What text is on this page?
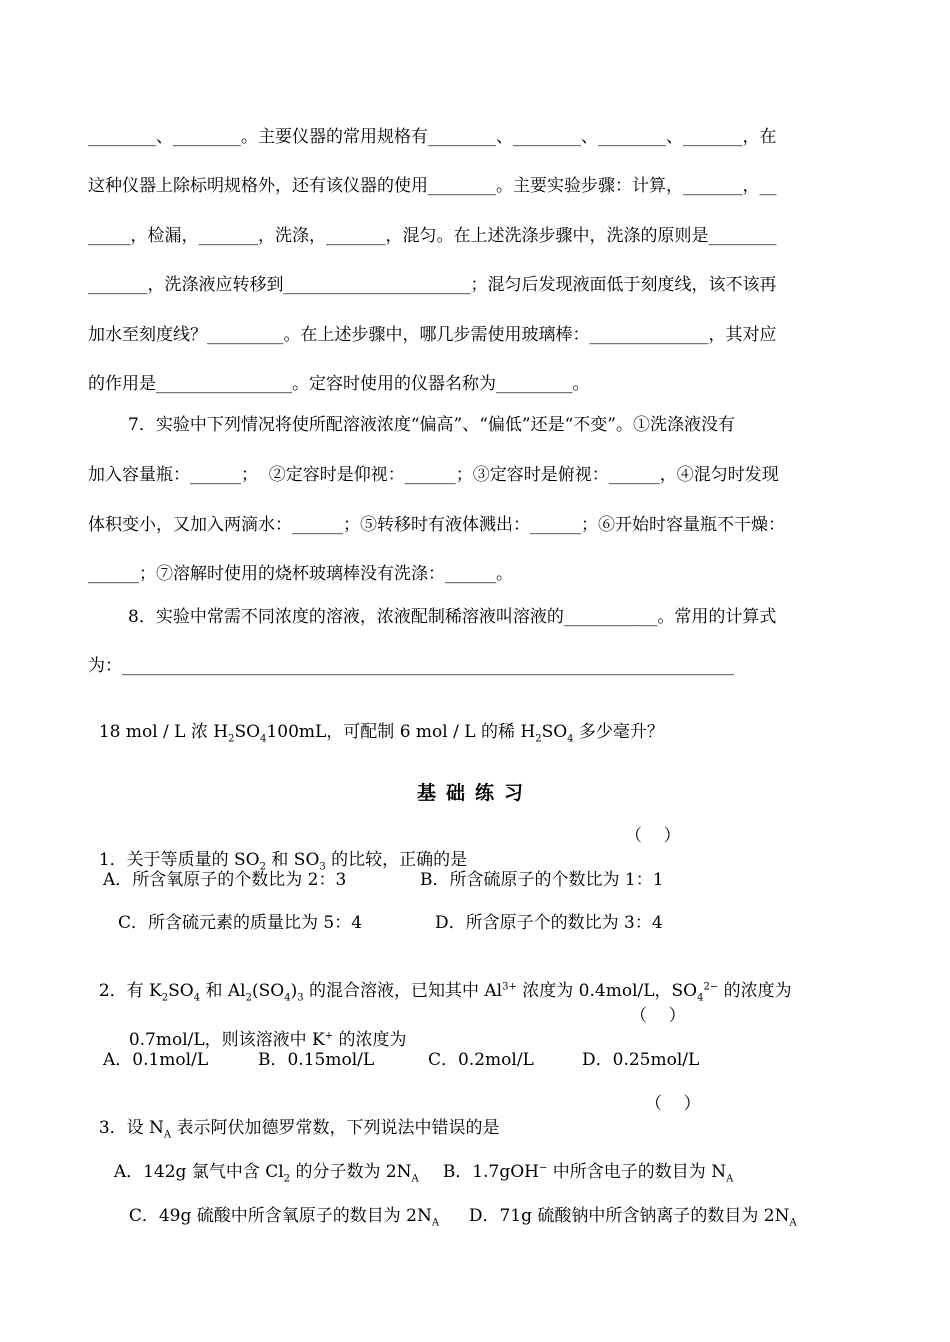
________、________。主要仪器的常用规格有________、________、________、_______，在
这种仪器上除标明规格外，还有该仪器的使用________。主要实验步骤：计算，_______，__
_____，检漏，_______，洗涤，_______，混匀。在上述洗涤步骤中，洗涤的原则是________
_______，洗涤液应转移到______________________；混匀后发现液面低于刻度线，该不该再
加水至刻度线？_________。在上述步骤中，哪几步需使用玻璃棒：______________，其对应
的作用是________________。定容时使用的仪器名称为_________。
7．实验中下列情况将使所配溶液浓度“偏高”、“偏低”还是“不变”。①洗涤液没有
加入容量瓶：______；  ②定容时是仰视：______；③定容时是俯视：______，④混匀时发现
体积变小，又加入两滴水：______；⑤转移时有液体溅出：______；⑥开始时容量瓶不干燥：
______；⑦溶解时使用的烧杯玻璃棒没有洗涤：______。
8．实验中常需不同浓度的溶液，浓液配制稀溶液叫溶液的___________。常用的计算式
为：________________________________________________________________________

18 mol / L 浓 $H_2SO_4100mL$，可配制 6 mol / L 的稀 $H_2SO_4$ 多少毫升？

基础练习

1．关于等质量的 $SO_2$ 和 $SO_3$ 的比较，正确的是

（    ）
A．所含氧原子的个数比为 2：3	B．所含硫原子的个数比为 1：1
C．所含硫元素的质量比为 5：4	D．所含原子个的数比为 3：4

2．有 $K_2SO_4$ 和 $Al_2(SO_4)_3$ 的混合溶液，已知其中 $Al^{3+}$ 浓度为 0.4mol/L，$SO_4^{2-}$ 的浓度为

0.7mol/L，则该溶液中 K+ 的浓度为

（    ）
A．0.1mol/L	B．0.15mol/L	C．0.2mol/L	D．0.25mol/L

3．设 $N_A$ 表示阿伏加德罗常数，下列说法中错误的是

（    ）

A．142g 氯气中含 $Cl_2$ 的分子数为 $2N_A$	B．1.7gOH− 中所含电子的数目为 $N_A$

C．49g 硫酸中所含氧原子的数目为 $2N_A$	D．71g 硫酸钠中所含钠离子的数目为 $2N_A$
